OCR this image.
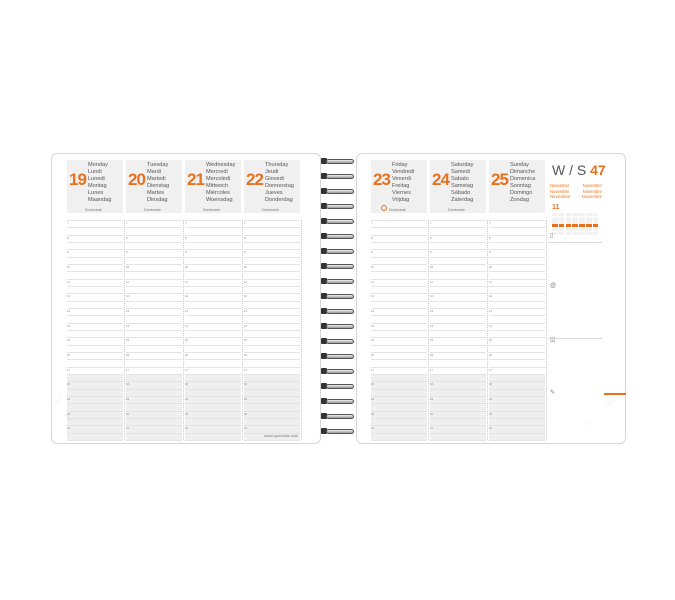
19
Monday
Lundi
Lunedi
Montag
Lunes
Maandag
Dominante
7
8
9
10
11
12
13
14
15
16
17
18
19
20
21
20
Tuesday
Mardi
Martedi
Dienstag
Martes
Dinsdag
Dominante
7
8
9
10
11
12
13
14
15
16
17
18
19
20
21
21
Wednesday
Mercredi
Mercoledi
Mittwoch
Miércoles
Woensdag
Dominante
7
8
9
10
11
12
13
14
15
16
17
18
19
20
21
22
Thursday
Jeudi
Giovedi
Donnerstag
Jueves
Donderdag
Dominante
7
8
9
10
11
12
13
14
15
16
17
18
19
20
21
23
Friday
Vendredi
Venerdi
Freitag
Viernes
Vrijdag
Dominante
7
8
9
10
11
12
13
14
15
16
17
18
19
20
21
24
Saturday
Samedi
Sabato
Samstag
Sábado
Zaterdag
Dominante
7
8
9
10
11
12
13
14
15
16
17
18
19
20
21
25
Sunday
Dimanche
Domenica
Sonntag
Domingo
Zondag
7
8
9
10
11
12
13
14
15
16
17
18
19
20
21
W / S 47
November	November
Novembre	Novembre
Noviembre	Noviembre
11
▯
@
☑
✎
www.quovadis.com
⋰
⋱
⋰
⋰
